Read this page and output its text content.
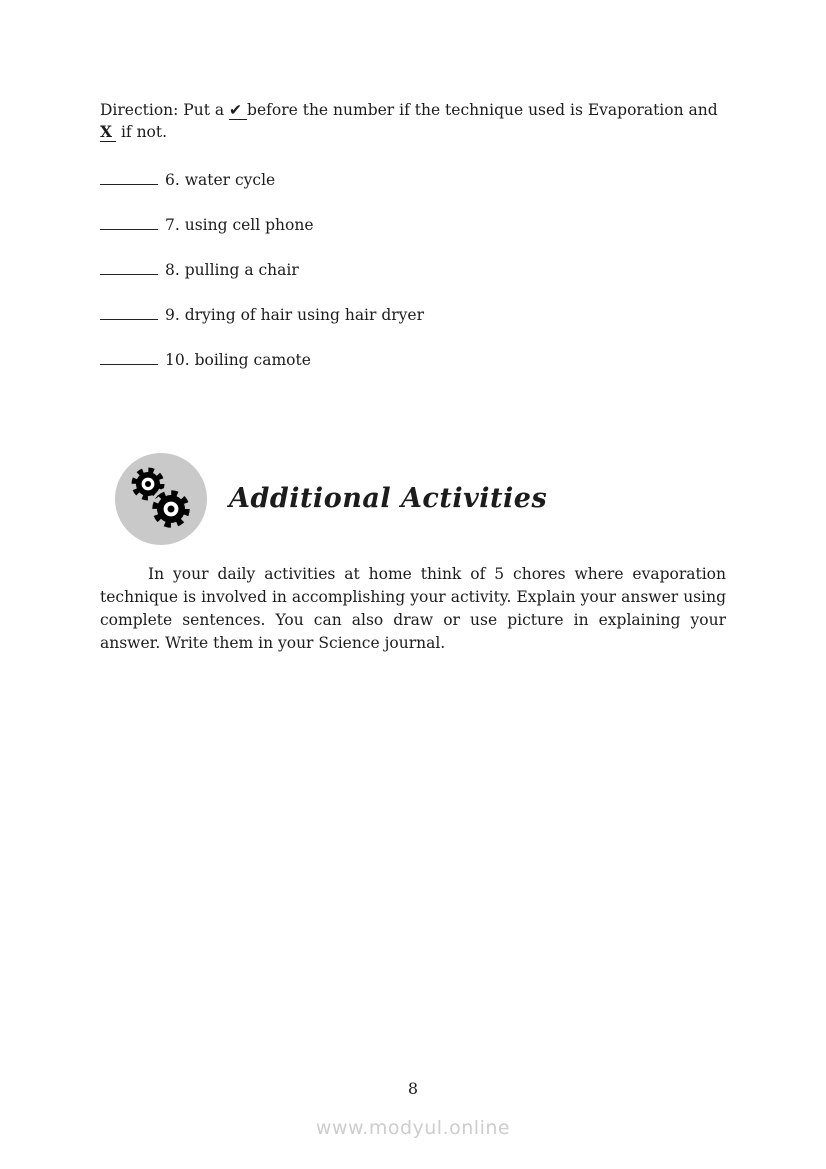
Direction: Put a ✔ before the number if the technique used is Evaporation and
X if not.

6. water cycle
7. using cell phone
8. pulling a chair
9. drying of hair using hair dryer
10. boiling camote
Additional Activities

In your daily activities at home think of 5 chores where evaporation technique is involved in accomplishing your activity. Explain your answer using complete sentences. You can also draw or use picture in explaining your answer. Write them in your Science journal.

8
www.modyul.online
